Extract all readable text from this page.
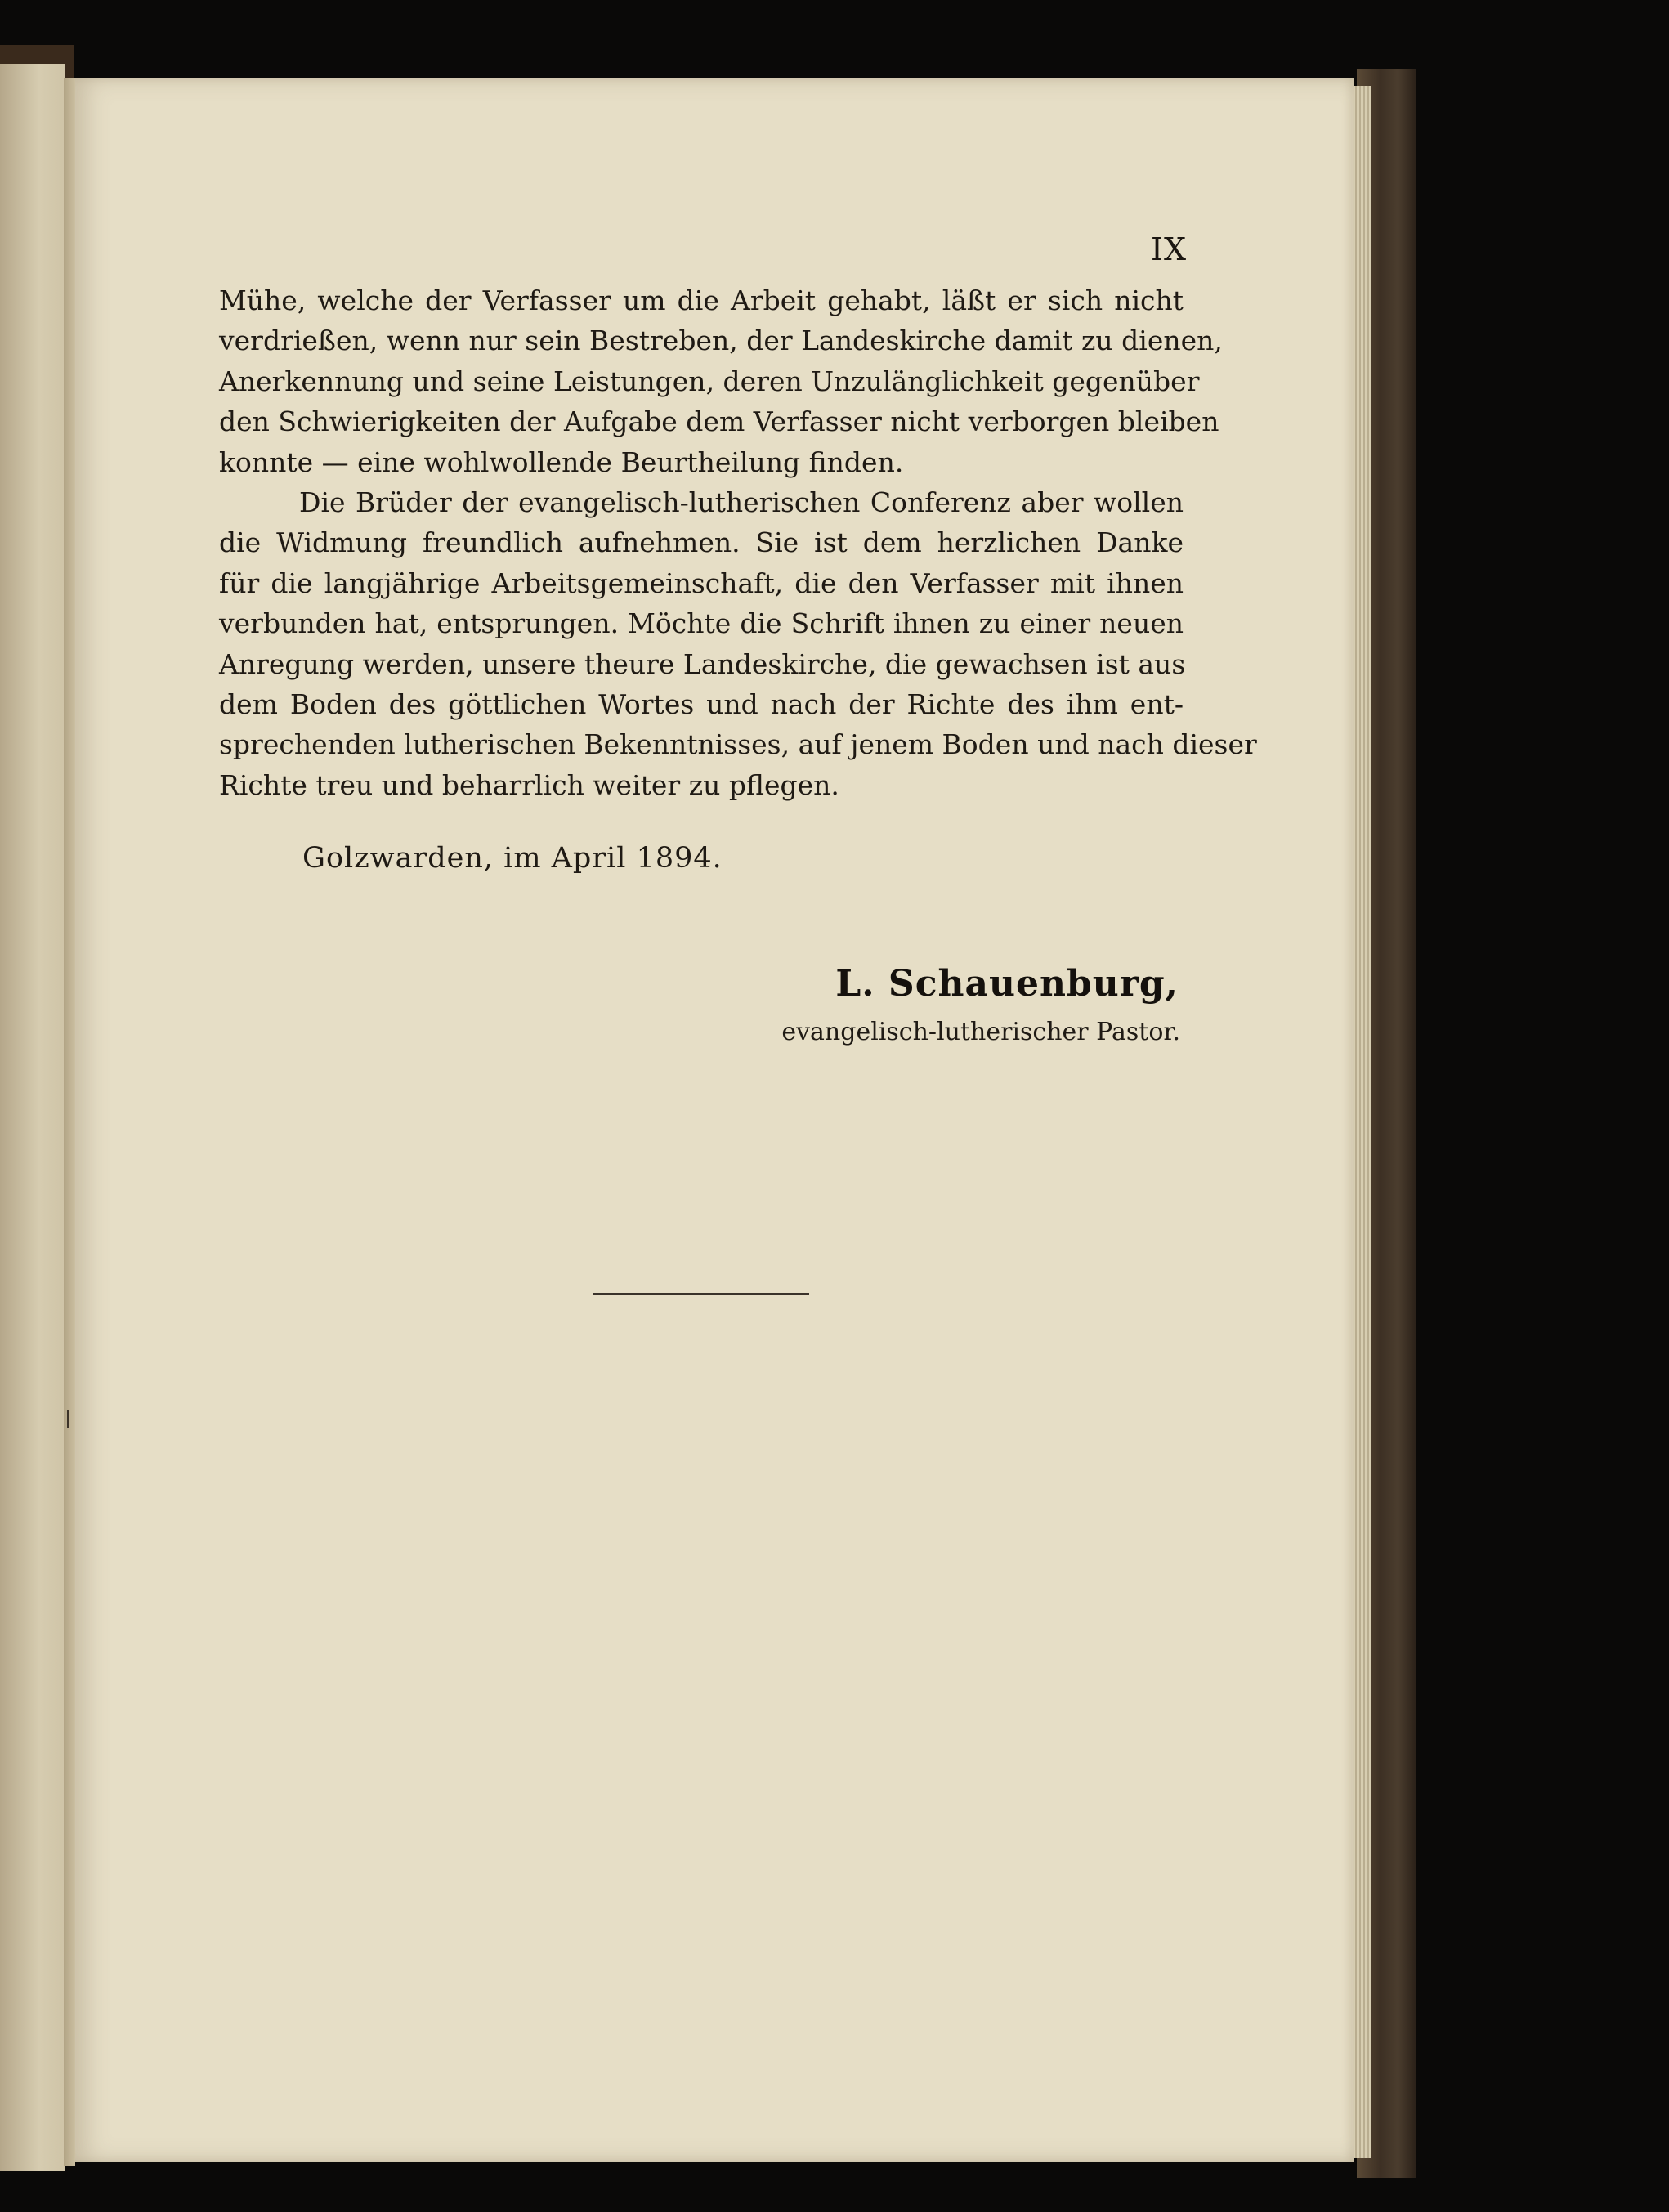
IX
Mühe, welche der Verfasser um die Arbeit gehabt, läßt er sich nicht
verdrießen, wenn nur sein Bestreben, der Landeskirche damit zu dienen,
Anerkennung und seine Leistungen, deren Unzulänglichkeit gegenüber
den Schwierigkeiten der Aufgabe dem Verfasser nicht verborgen bleiben
konnte — eine wohlwollende Beurtheilung finden.
Die Brüder der evangelisch-lutherischen Conferenz aber wollen
die Widmung freundlich aufnehmen. Sie ist dem herzlichen Danke
für die langjährige Arbeitsgemeinschaft, die den Verfasser mit ihnen
verbunden hat, entsprungen. Möchte die Schrift ihnen zu einer neuen
Anregung werden, unsere theure Landeskirche, die gewachsen ist aus
dem Boden des göttlichen Wortes und nach der Richte des ihm ent-
sprechenden lutherischen Bekenntnisses, auf jenem Boden und nach dieser
Richte treu und beharrlich weiter zu pflegen.
Golzwarden, im April 1894.
L. Schauenburg,
evangelisch-lutherischer Pastor.
